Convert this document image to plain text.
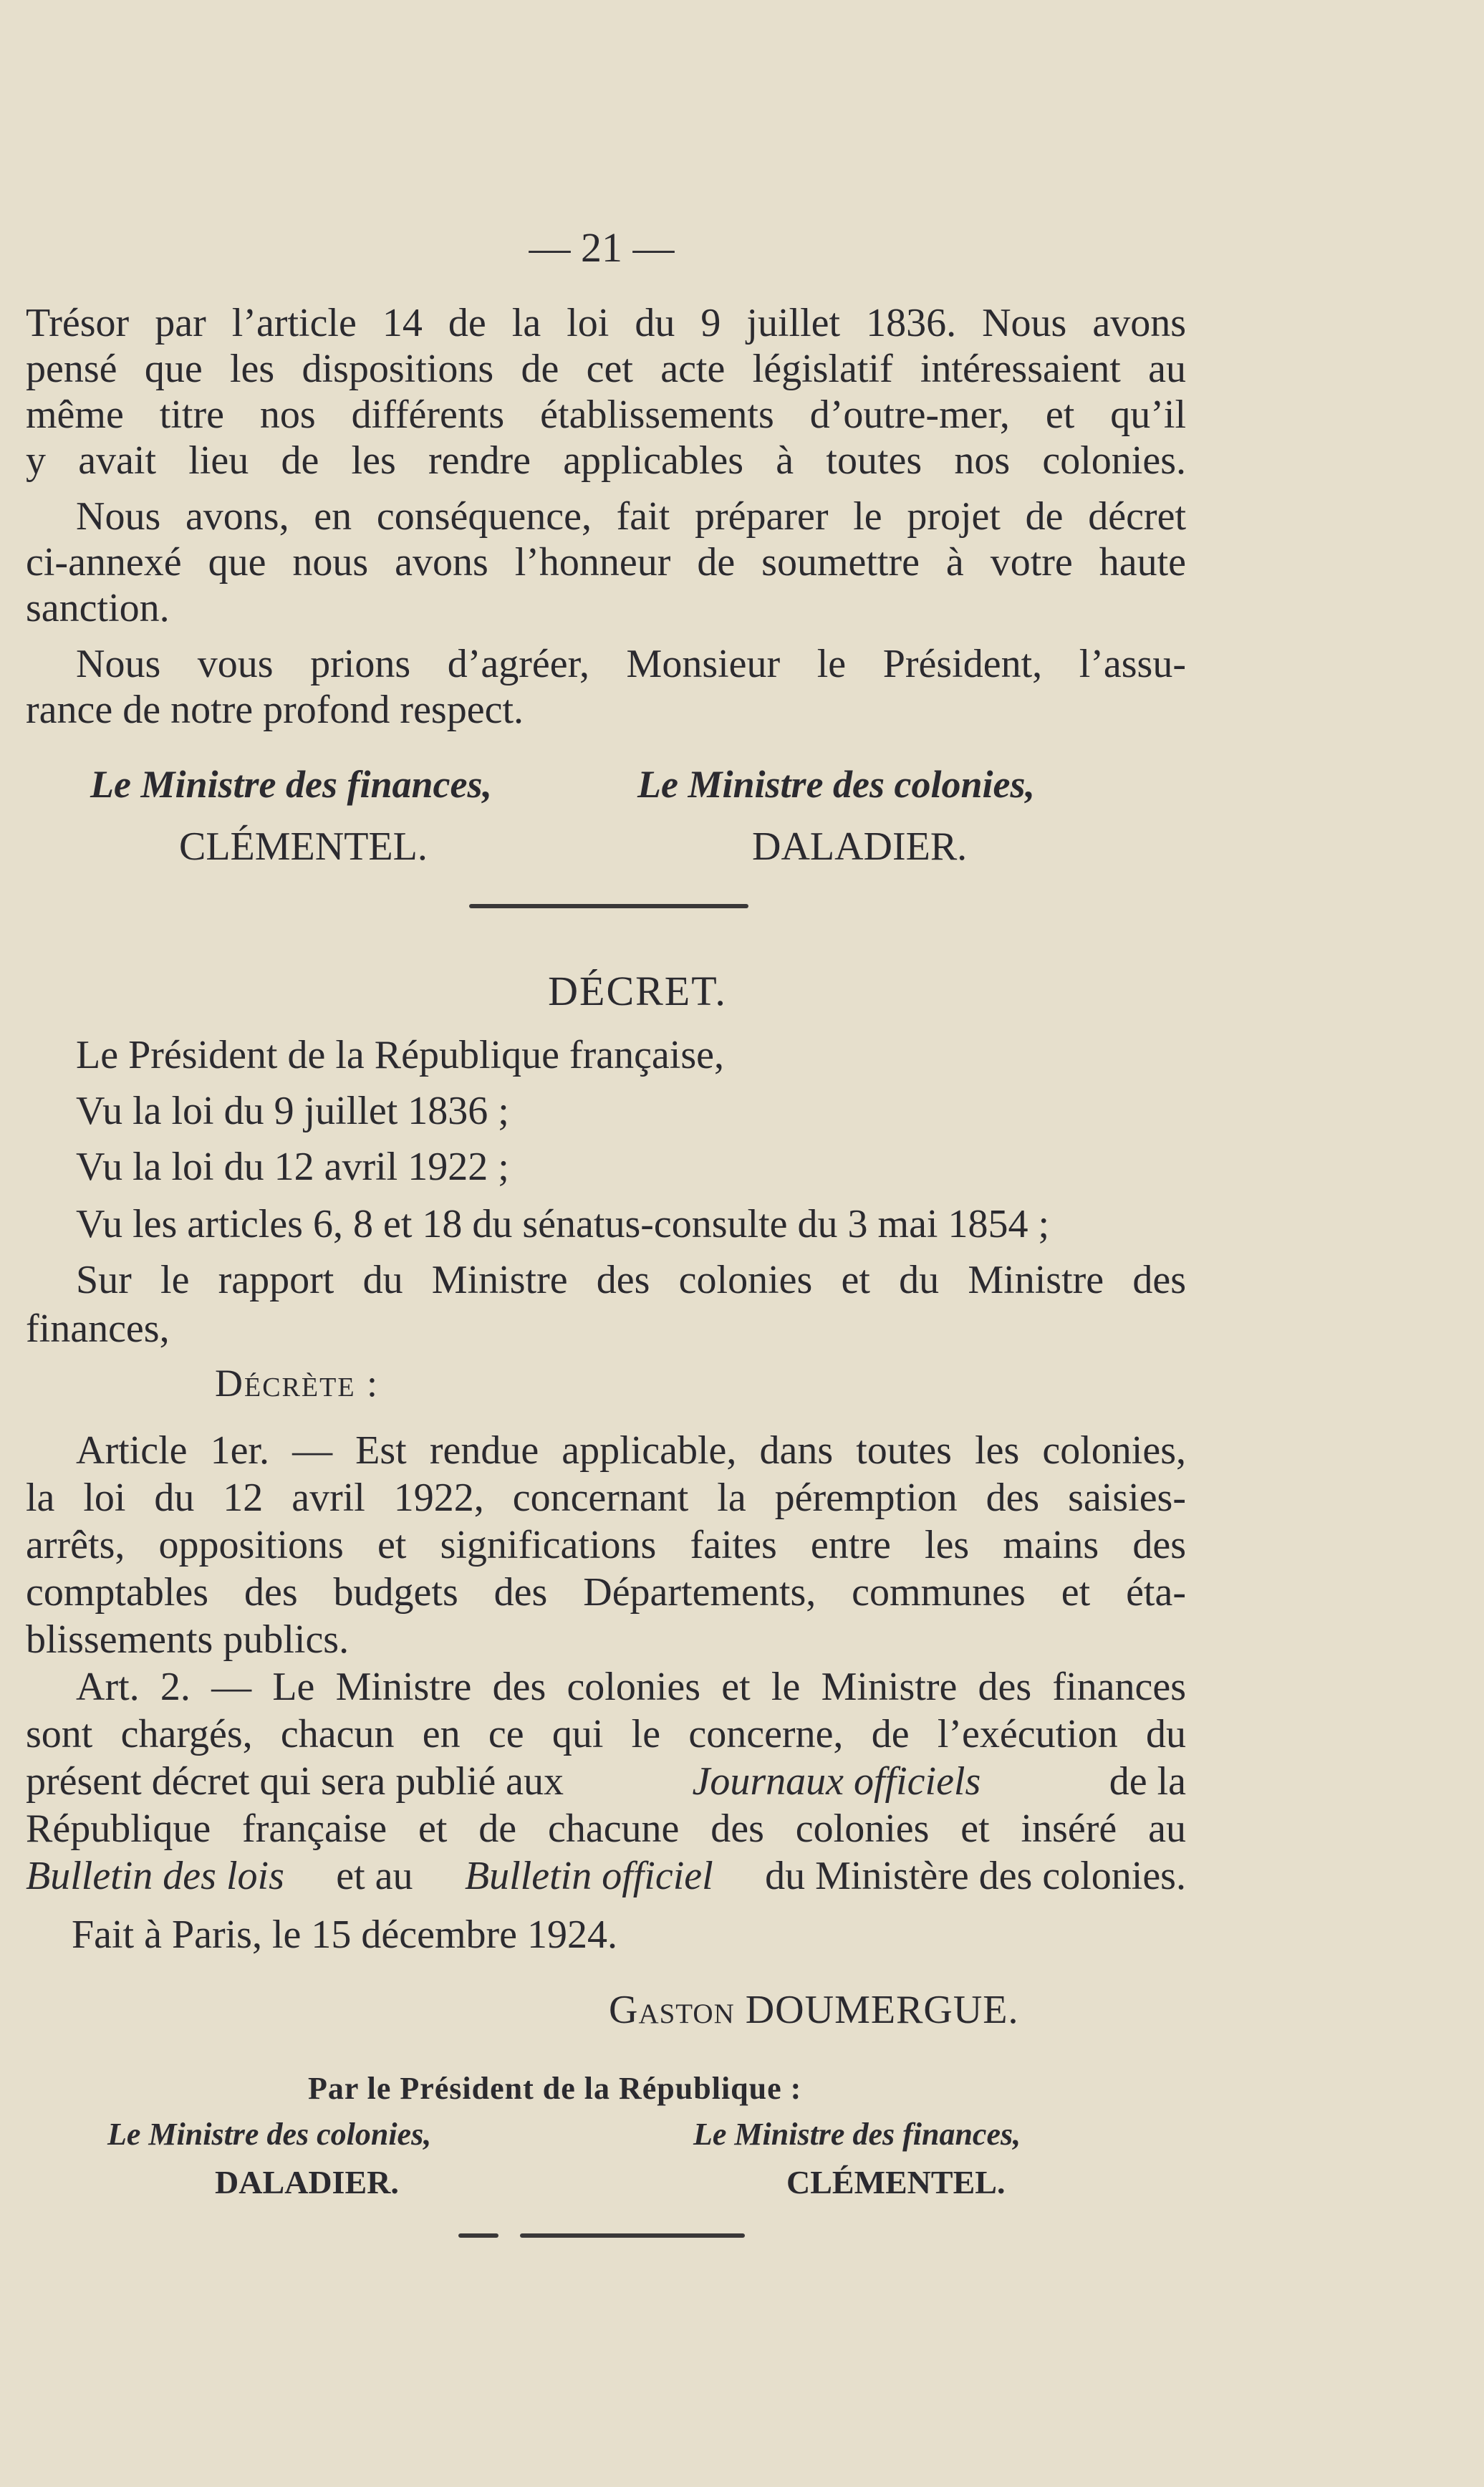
— 21 —
Trésor par l’article 14 de la loi du 9 juillet 1836. Nous avons
pensé que les dispositions de cet acte législatif intéressaient au
même titre nos différents établissements d’outre-mer, et qu’il
y avait lieu de les rendre applicables à toutes nos colonies.
Nous avons, en conséquence, fait préparer le projet de décret
ci-annexé que nous avons l’honneur de soumettre à votre haute
sanction.
Nous vous prions d’agréer, Monsieur le Président, l’assu-
rance de notre profond respect.
Le Ministre des finances,
CLÉMENTEL.
Le Ministre des colonies,
DALADIER.
DÉCRET.
Le Président de la République française,
Vu la loi du 9 juillet 1836 ;
Vu la loi du 12 avril 1922 ;
Vu les articles 6, 8 et 18 du sénatus-consulte du 3 mai 1854 ;
Sur le rapport du Ministre des colonies et du Ministre des
finances,
Décrète :
Article 1er. — Est rendue applicable, dans toutes les colonies,
la loi du 12 avril 1922, concernant la péremption des saisies-
arrêts, oppositions et significations faites entre les mains des
comptables des budgets des Départements, communes et éta-
blissements publics.
Art. 2. — Le Ministre des colonies et le Ministre des finances
sont chargés, chacun en ce qui le concerne, de l’exécution du
présent décret qui sera publié aux	Journaux officiels	de la
République française et de chacune des colonies et inséré au
Bulletin des lois et au Bulletin officiel du Ministère des colonies.
Fait à Paris, le 15 décembre 1924.
Gaston DOUMERGUE.
Par le Président de la République :
Le Ministre des colonies,
DALADIER.
Le Ministre des finances,
CLÉMENTEL.
